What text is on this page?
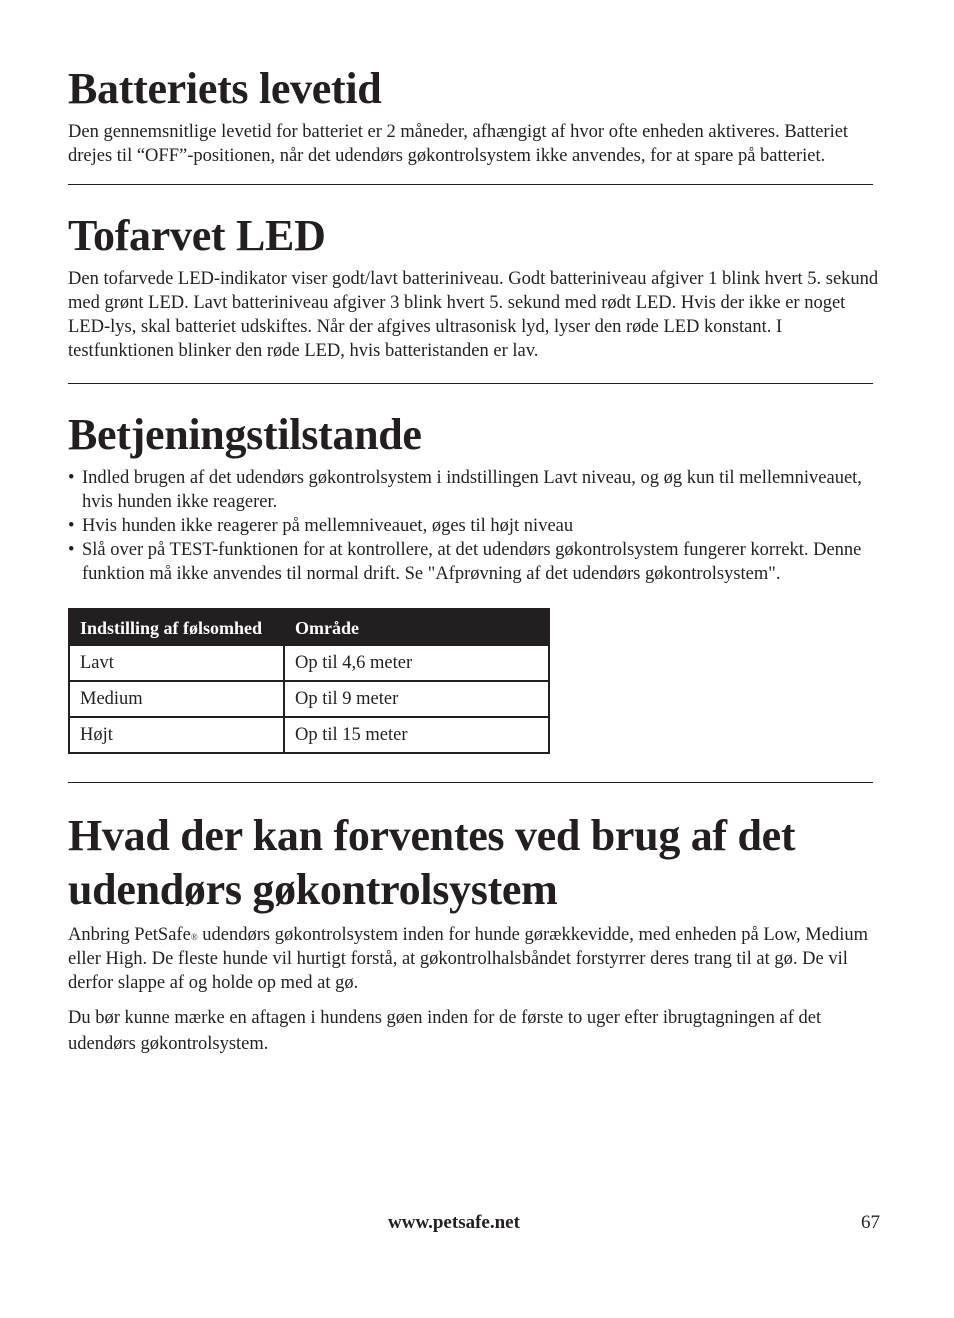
Batteriets levetid

Den gennemsnitlige levetid for batteriet er 2 måneder, afhængigt af hvor ofte enheden aktiveres. Batteriet drejes til “OFF”-positionen, når det udendørs gøkontrolsystem ikke anvendes, for at spare på batteriet.

Tofarvet LED

Den tofarvede LED-indikator viser godt/lavt batteriniveau. Godt batteriniveau afgiver 1 blink hvert 5. sekund med grønt LED. Lavt batteriniveau afgiver 3 blink hvert 5. sekund med rødt LED. Hvis der ikke er noget LED-lys, skal batteriet udskiftes. Når der afgives ultrasonisk lyd, lyser den røde LED konstant. I testfunktionen blinker den røde LED, hvis batteristanden er lav.

Betjeningstilstande
• Indled brugen af det udendørs gøkontrolsystem i indstillingen Lavt niveau, og øg kun til mellemniveauet, hvis hunden ikke reagerer.
• Hvis hunden ikke reagerer på mellemniveauet, øges til højt niveau
• Slå over på TEST-funktionen for at kontrollere, at det udendørs gøkontrolsystem fungerer korrekt. Denne funktion må ikke anvendes til normal drift. Se "Afprøvning af det udendørs gøkontrolsystem".
Indstilling af følsomhed	Område
Lavt	Op til 4,6 meter
Medium	Op til 9 meter
Højt	Op til 15 meter
Hvad der kan forventes ved brug af det udendørs gøkontrolsystem

Anbring PetSafe® udendørs gøkontrolsystem inden for hunde gørækkevidde, med enheden på Low, Medium eller High. De fleste hunde vil hurtigt forstå, at gøkontrolhalsbåndet forstyrrer deres trang til at gø. De vil derfor slappe af og holde op med at gø.

Du bør kunne mærke en aftagen i hundens gøen inden for de første to uger efter ibrugtagningen af det udendørs gøkontrolsystem.

www.petsafe.net	67
